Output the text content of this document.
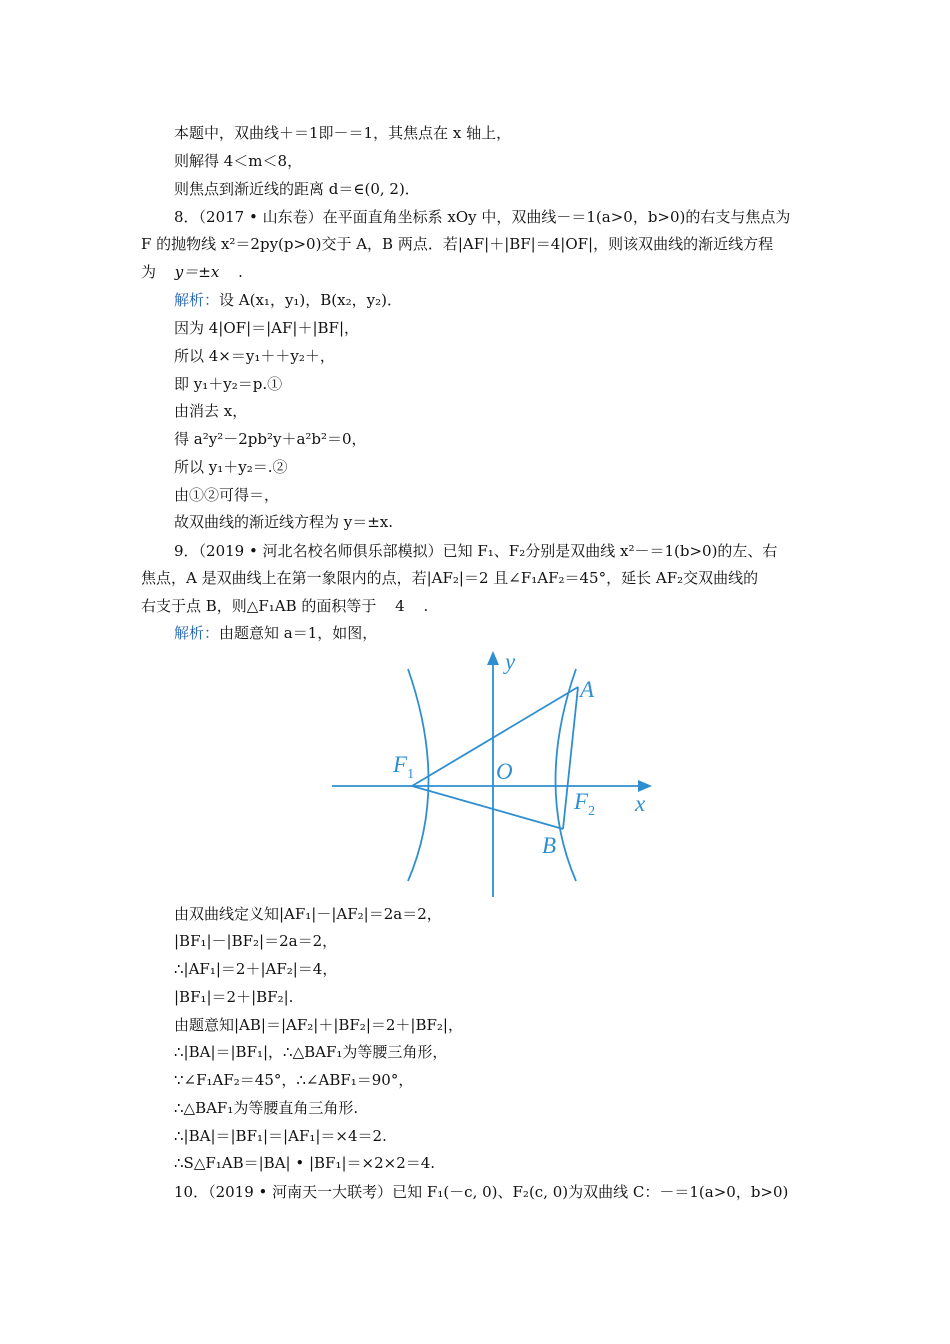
本题中，双曲线＋＝1即－＝1，其焦点在 x 轴上，
则解得 4＜m＜8，
则焦点到渐近线的距离 d＝∈(0, 2)．
8．（2017 • 山东卷）在平面直角坐标系 xOy 中，双曲线－＝1(a>0，b>0)的右支与焦点为
F 的抛物线 x²＝2py(p>0)交于 A，B 两点．若|AF|＋|BF|＝4|OF|，则该双曲线的渐近线方程
为 y＝±x .
解析：设 A(x₁，y₁)，B(x₂，y₂)．
因为 4|OF|＝|AF|＋|BF|，
所以 4×＝y₁＋＋y₂＋，
即 y₁＋y₂＝p.①
由消去 x，
得 a²y²－2pb²y＋a²b²＝0，
所以 y₁＋y₂＝.②
由①②可得＝，
故双曲线的渐近线方程为 y＝±x.
9．（2019 • 河北名校名师俱乐部模拟）已知 F₁、F₂分别是双曲线 x²－＝1(b>0)的左、右
焦点，A 是双曲线上在第一象限内的点，若|AF₂|＝2 且∠F₁AF₂＝45°，延长 AF₂交双曲线的
右支于点 B，则△F₁AB 的面积等于 4 .
解析：由题意知 a＝1，如图，
y
x
O
A
B
$F_1$
$F_2$
由双曲线定义知|AF₁|－|AF₂|＝2a＝2，
|BF₁|－|BF₂|＝2a＝2，
∴|AF₁|＝2＋|AF₂|＝4，
|BF₁|＝2＋|BF₂|.
由题意知|AB|＝|AF₂|＋|BF₂|＝2＋|BF₂|，
∴|BA|＝|BF₁|，∴△BAF₁为等腰三角形，
∵∠F₁AF₂＝45°，∴∠ABF₁＝90°，
∴△BAF₁为等腰直角三角形.
∴|BA|＝|BF₁|＝|AF₁|＝×4＝2.
∴S△F₁AB＝|BA| • |BF₁|＝×2×2＝4.
10．（2019 • 河南天一大联考）已知 F₁(－c, 0)、F₂(c, 0)为双曲线 C：－＝1(a>0，b>0)
